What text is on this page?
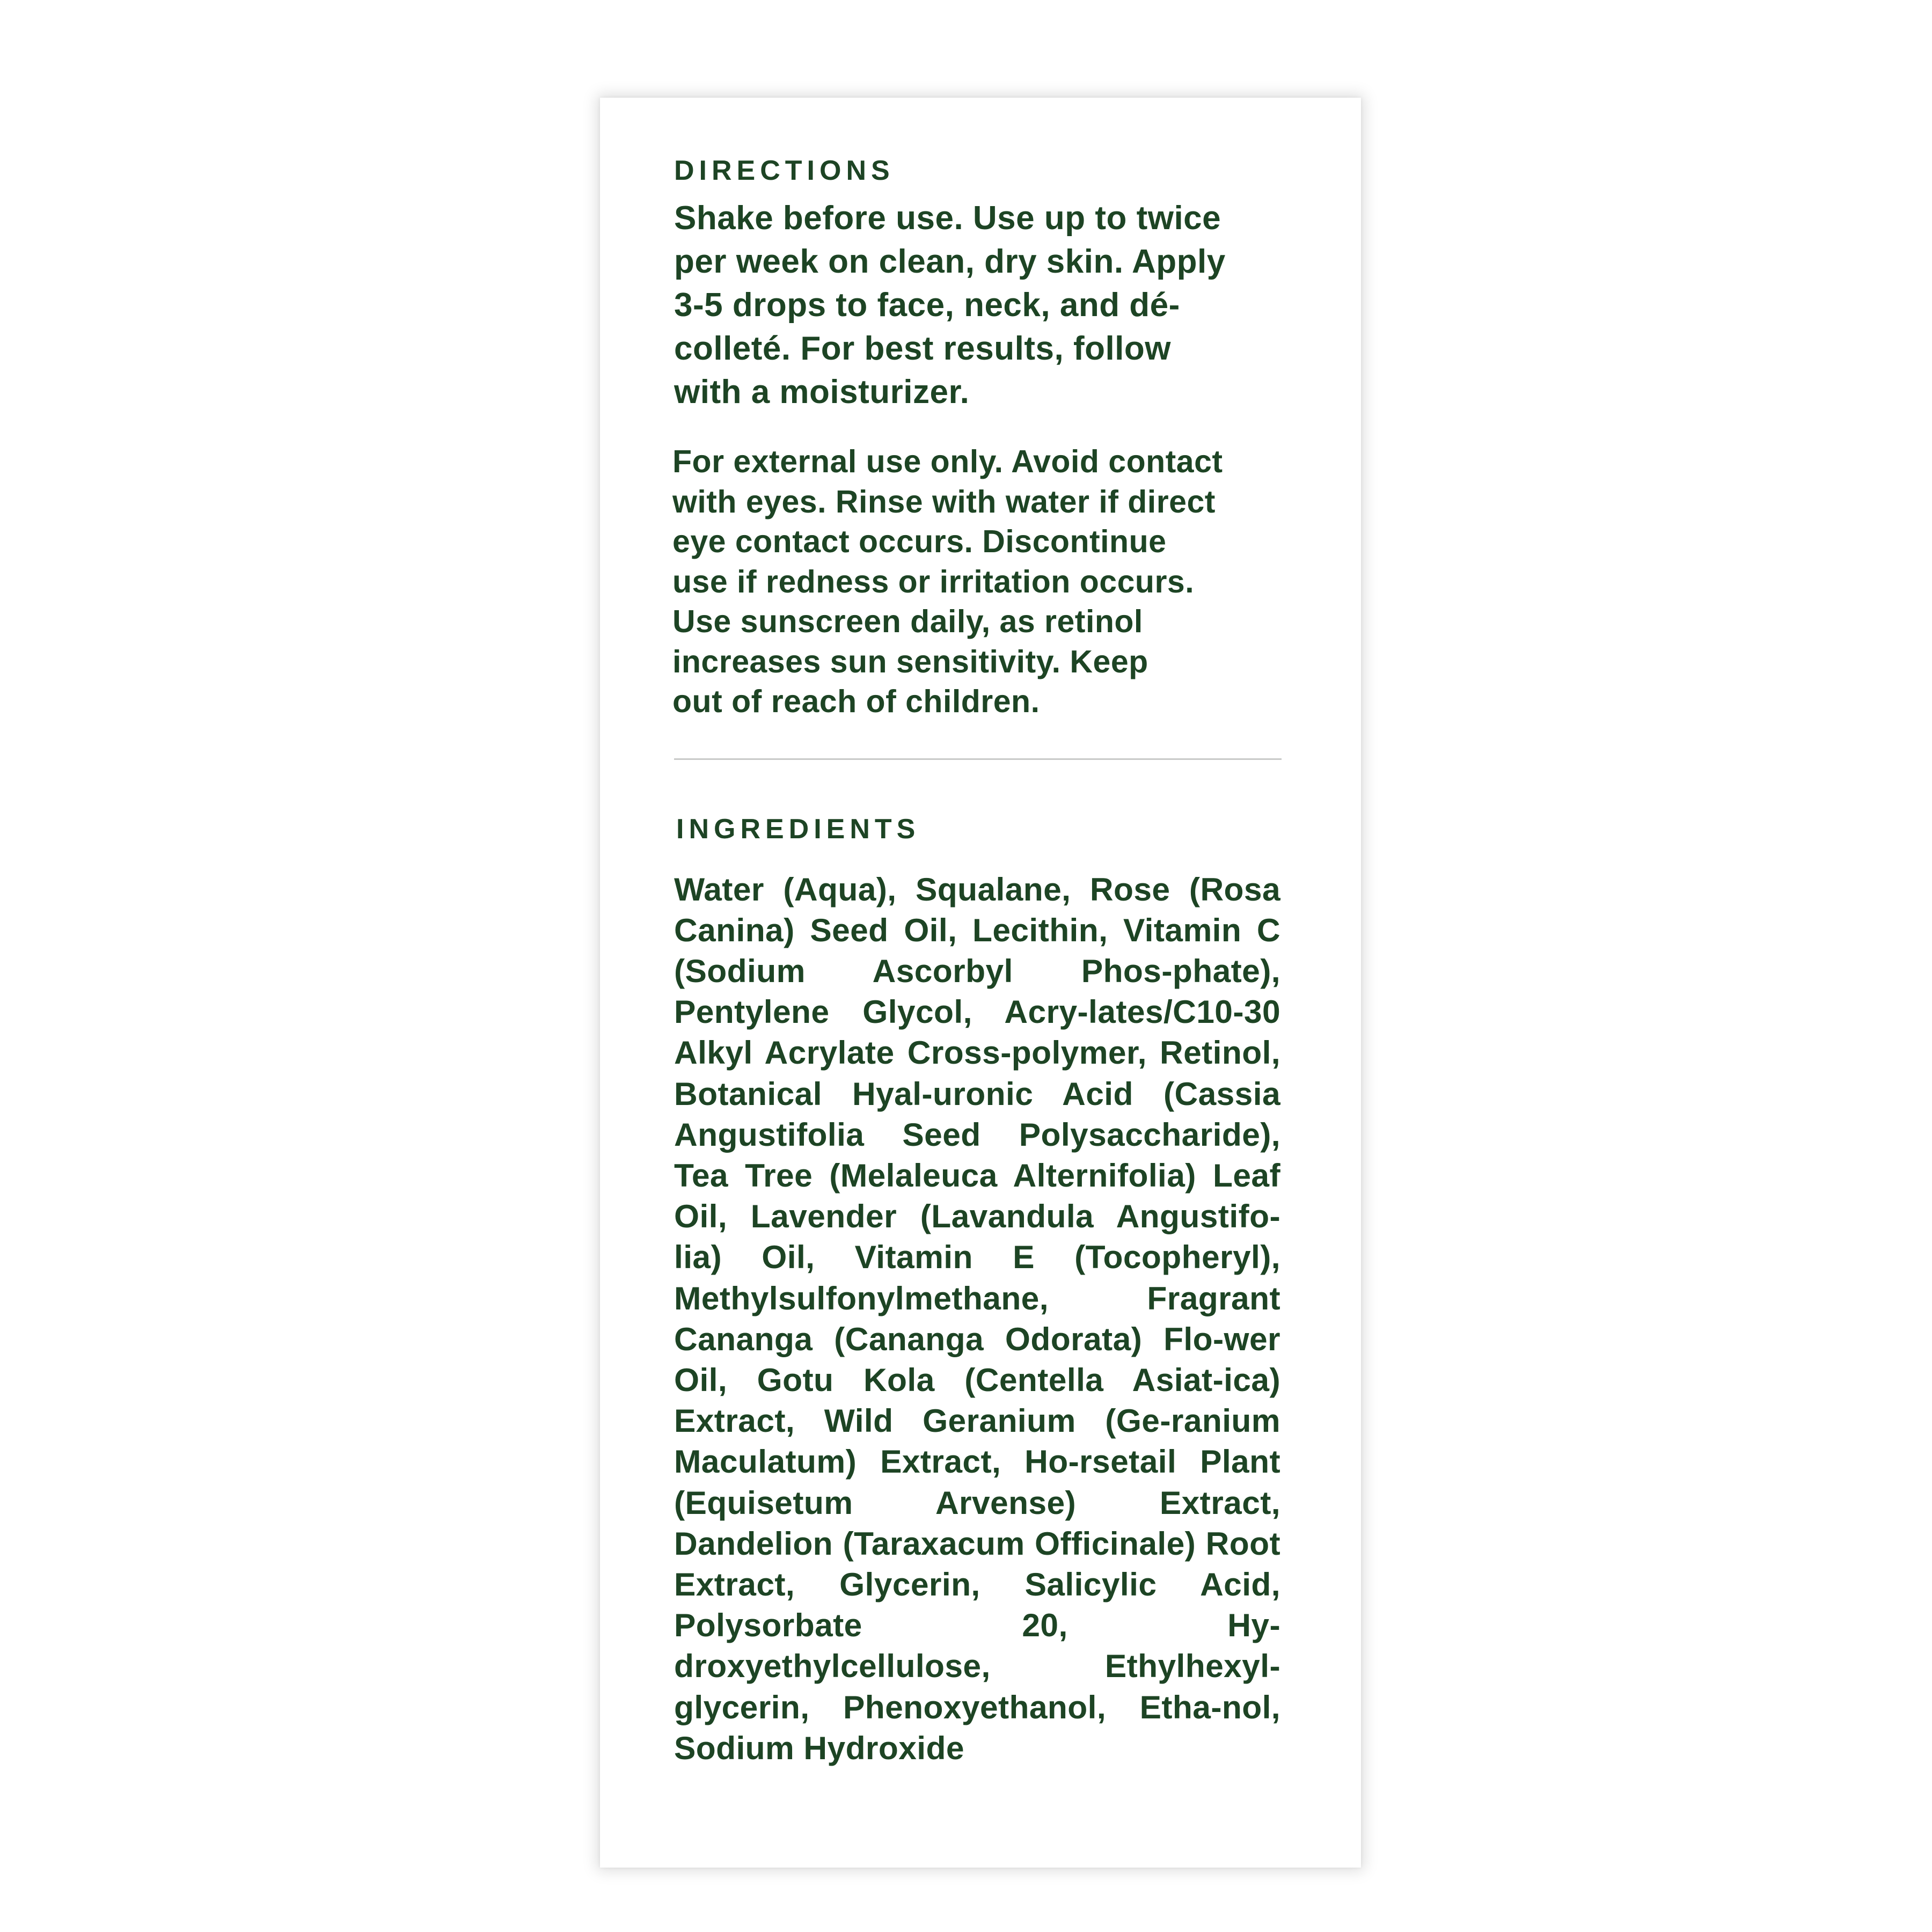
DIRECTIONS

Shake before use. Use up to twice
per week on clean, dry skin. Apply
3-5 drops to face, neck, and dé-
colleté. For best results, follow
with a moisturizer.

For external use only. Avoid contact
with eyes. Rinse with water if direct
eye contact occurs. Discontinue
use if redness or irritation occurs.
Use sunscreen daily, as retinol
increases sun sensitivity. Keep
out of reach of children.

INGREDIENTS

Water (Aqua), Squalane, Rose (Rosa Canina) Seed Oil, Lecithin, Vitamin C (Sodium Ascorbyl Phos-phate), Pentylene Glycol, Acry-lates/C10-30 Alkyl Acrylate Cross-polymer, Retinol, Botanical Hyal-uronic Acid (Cassia Angustifolia Seed Polysaccharide), Tea Tree (Melaleuca Alternifolia) Leaf Oil, Lavender (Lavandula Angustifo-lia) Oil, Vitamin E (Tocopheryl), Methylsulfonylmethane, Fragrant Cananga (Cananga Odorata) Flo-wer Oil, Gotu Kola (Centella Asiat-ica) Extract, Wild Geranium (Ge-ranium Maculatum) Extract, Ho-rsetail Plant (Equisetum Arvense) Extract, Dandelion (Taraxacum Officinale) Root Extract, Glycerin, Salicylic Acid, Polysorbate 20, Hy-droxyethylcellulose, Ethylhexyl-glycerin, Phenoxyethanol, Etha-nol, Sodium Hydroxide
